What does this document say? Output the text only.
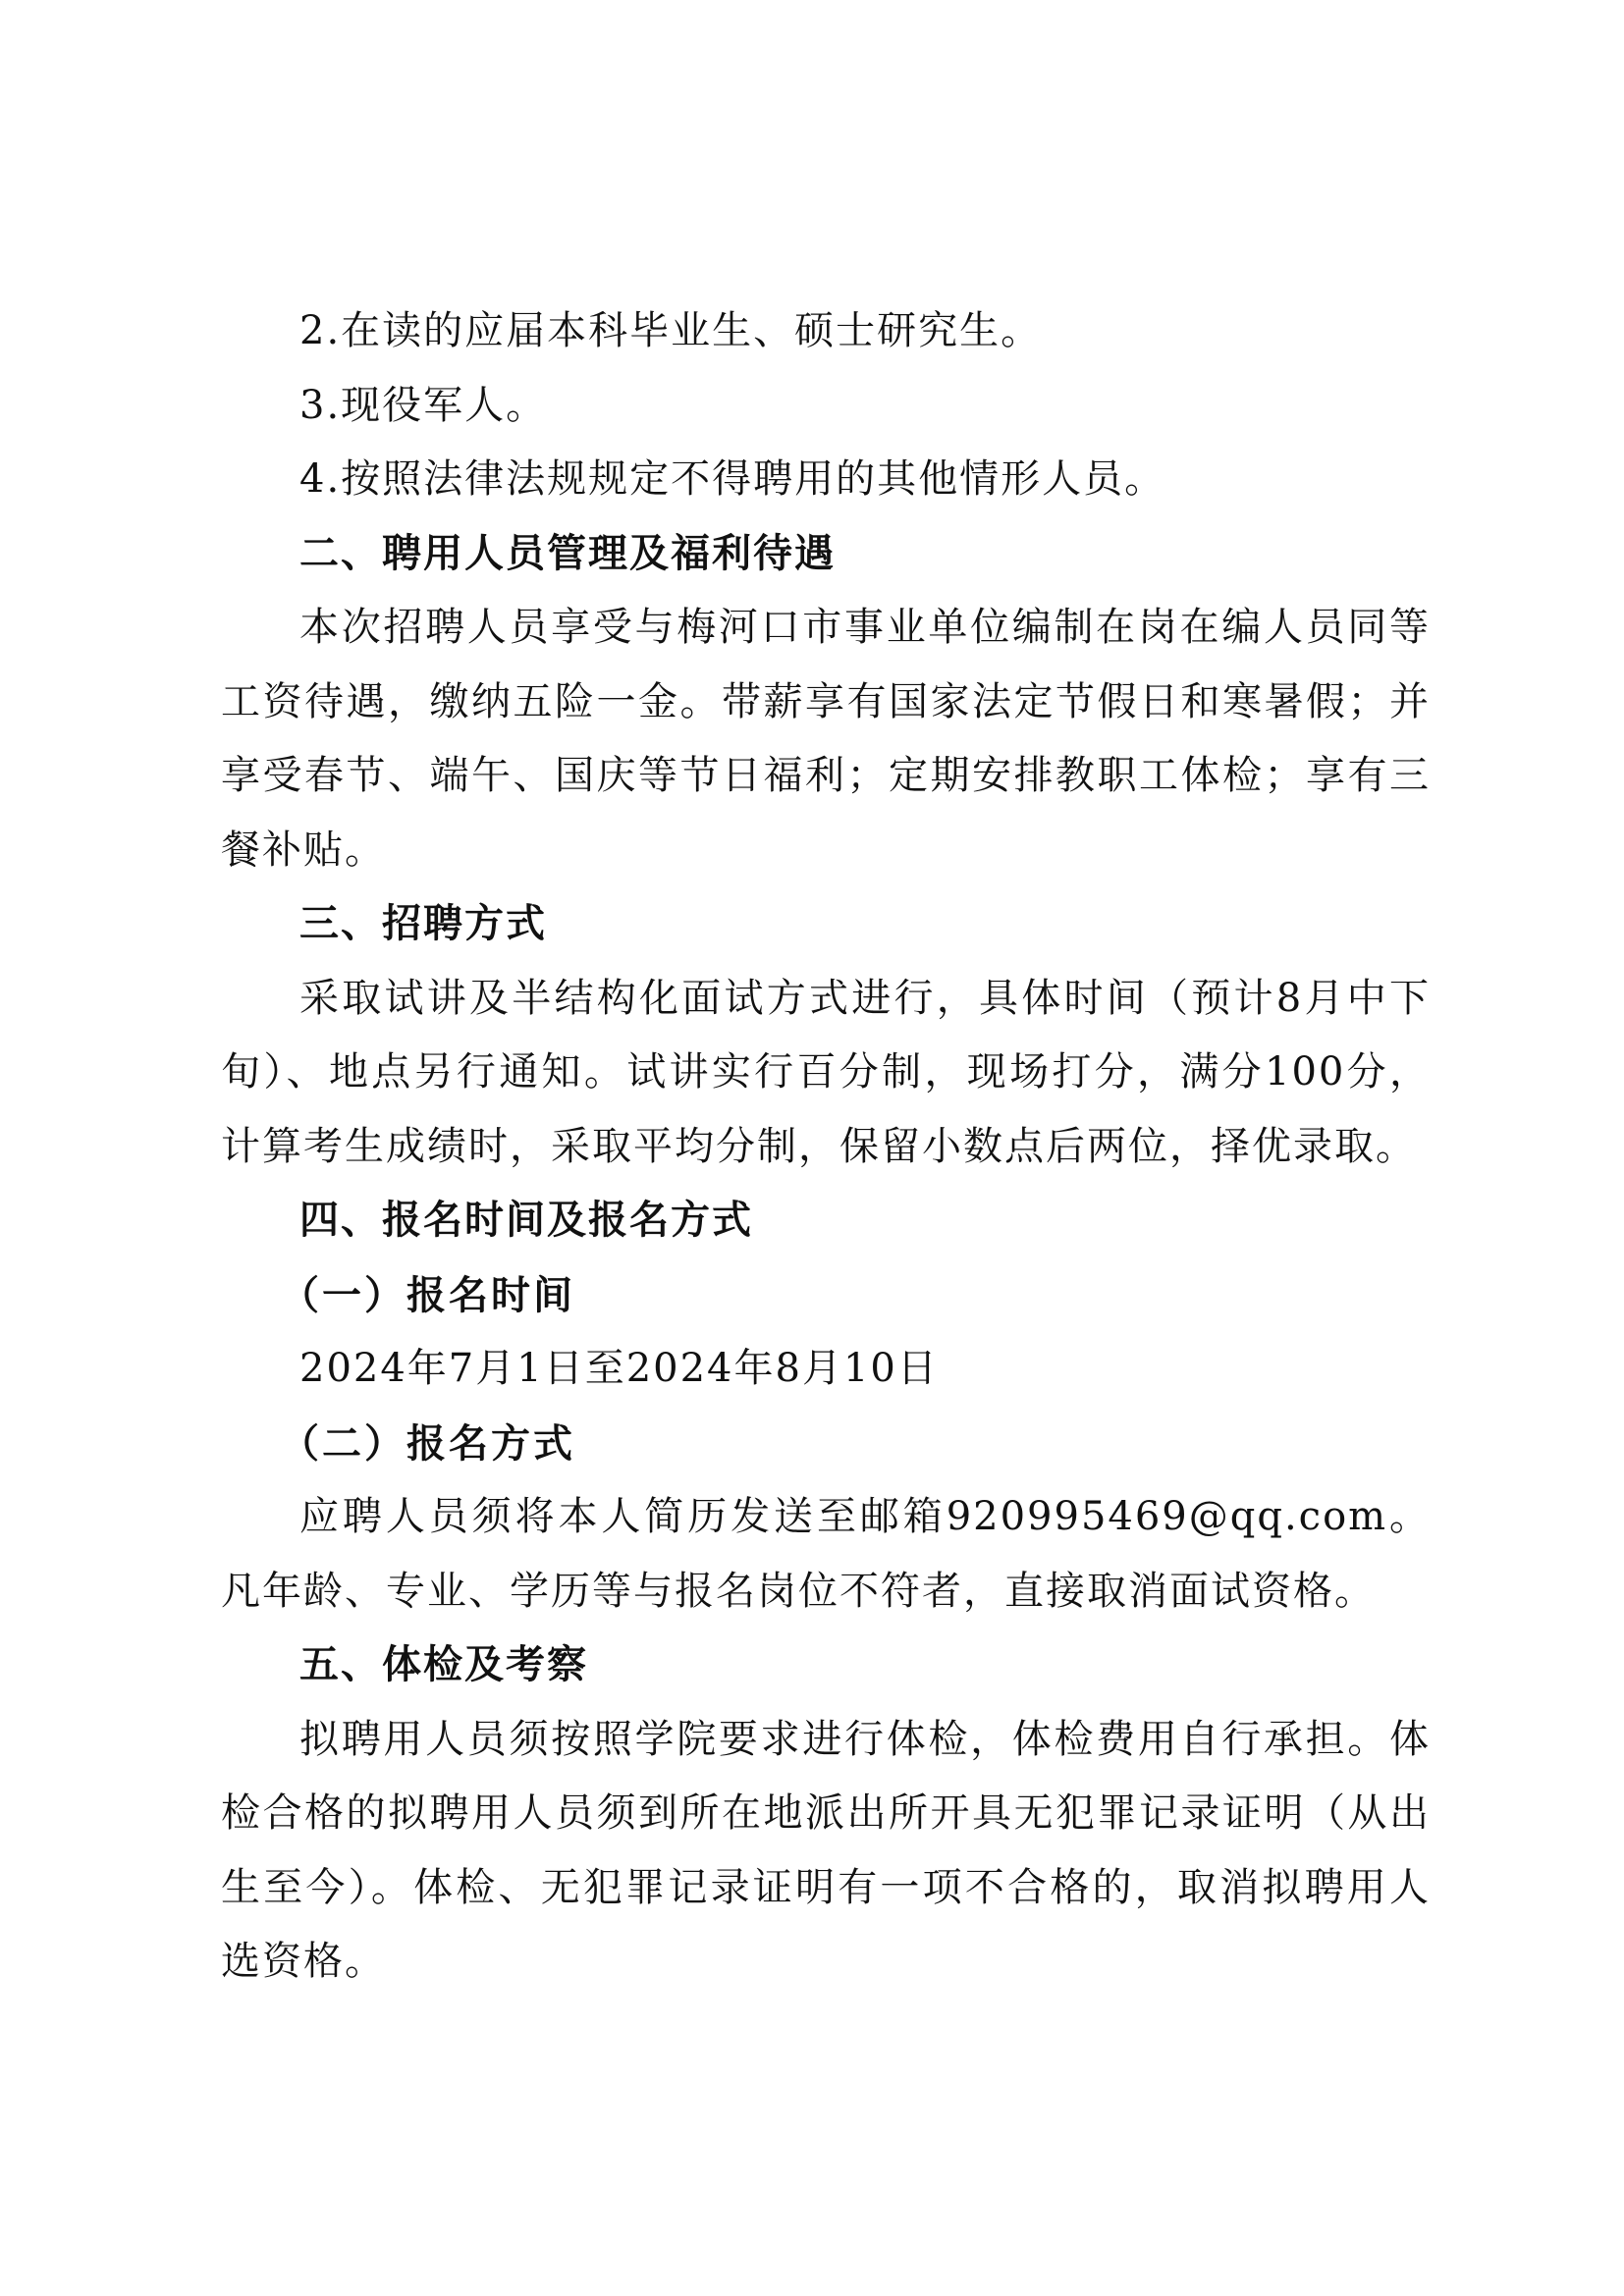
2.在读的应届本科毕业生、硕士研究生。

3.现役军人。

4.按照法律法规规定不得聘用的其他情形人员。

二、聘用人员管理及福利待遇

本次招聘人员享受与梅河口市事业单位编制在岗在编人员同等工资待遇，缴纳五险一金。带薪享有国家法定节假日和寒暑假；并享受春节、端午、国庆等节日福利；定期安排教职工体检；享有三餐补贴。

三、招聘方式

采取试讲及半结构化面试方式进行，具体时间（预计8月中下旬）、地点另行通知。试讲实行百分制，现场打分，满分100分，计算考生成绩时，采取平均分制，保留小数点后两位，择优录取。

四、报名时间及报名方式

（一）报名时间

2024年7月1日至2024年8月10日

（二）报名方式

应聘人员须将本人简历发送至邮箱920995469@qq.com。凡年龄、专业、学历等与报名岗位不符者，直接取消面试资格。

五、体检及考察

拟聘用人员须按照学院要求进行体检，体检费用自行承担。体检合格的拟聘用人员须到所在地派出所开具无犯罪记录证明（从出生至今）。体检、无犯罪记录证明有一项不合格的，取消拟聘用人选资格。
